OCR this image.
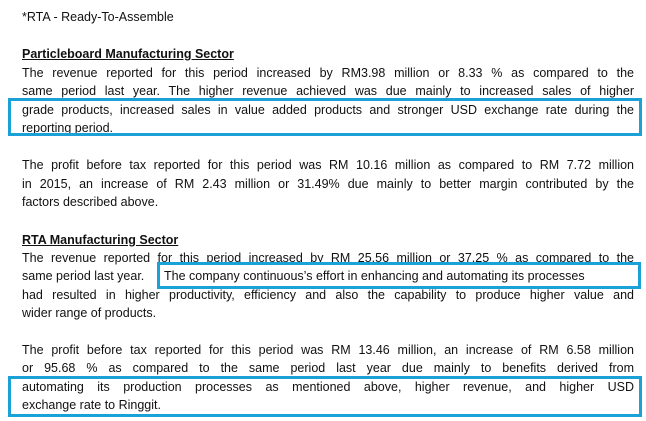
*RTA - Ready-To-Assemble
Particleboard Manufacturing Sector
The revenue reported for this period increased by RM3.98 million or 8.33 % as compared to the
same period last year. The higher revenue achieved was due mainly to increased sales of higher
grade products, increased sales in value added products and stronger USD exchange rate during the
reporting period.
The profit before tax reported for this period was RM 10.16 million as compared to RM 7.72 million
in 2015, an increase of RM 2.43 million or 31.49% due mainly to better margin contributed by the
factors described above.
RTA Manufacturing Sector
The revenue reported for this period increased by RM 25.56 million or 37.25 % as compared to the
same period last year. The company continuous’s effort in enhancing and automating its processes
had resulted in higher productivity, efficiency and also the capability to produce higher value and
wider range of products.
The profit before tax reported for this period was RM 13.46 million, an increase of RM 6.58 million
or 95.68 % as compared to the same period last year due mainly to benefits derived from
automating its production processes as mentioned above, higher revenue, and higher USD
exchange rate to Ringgit.
